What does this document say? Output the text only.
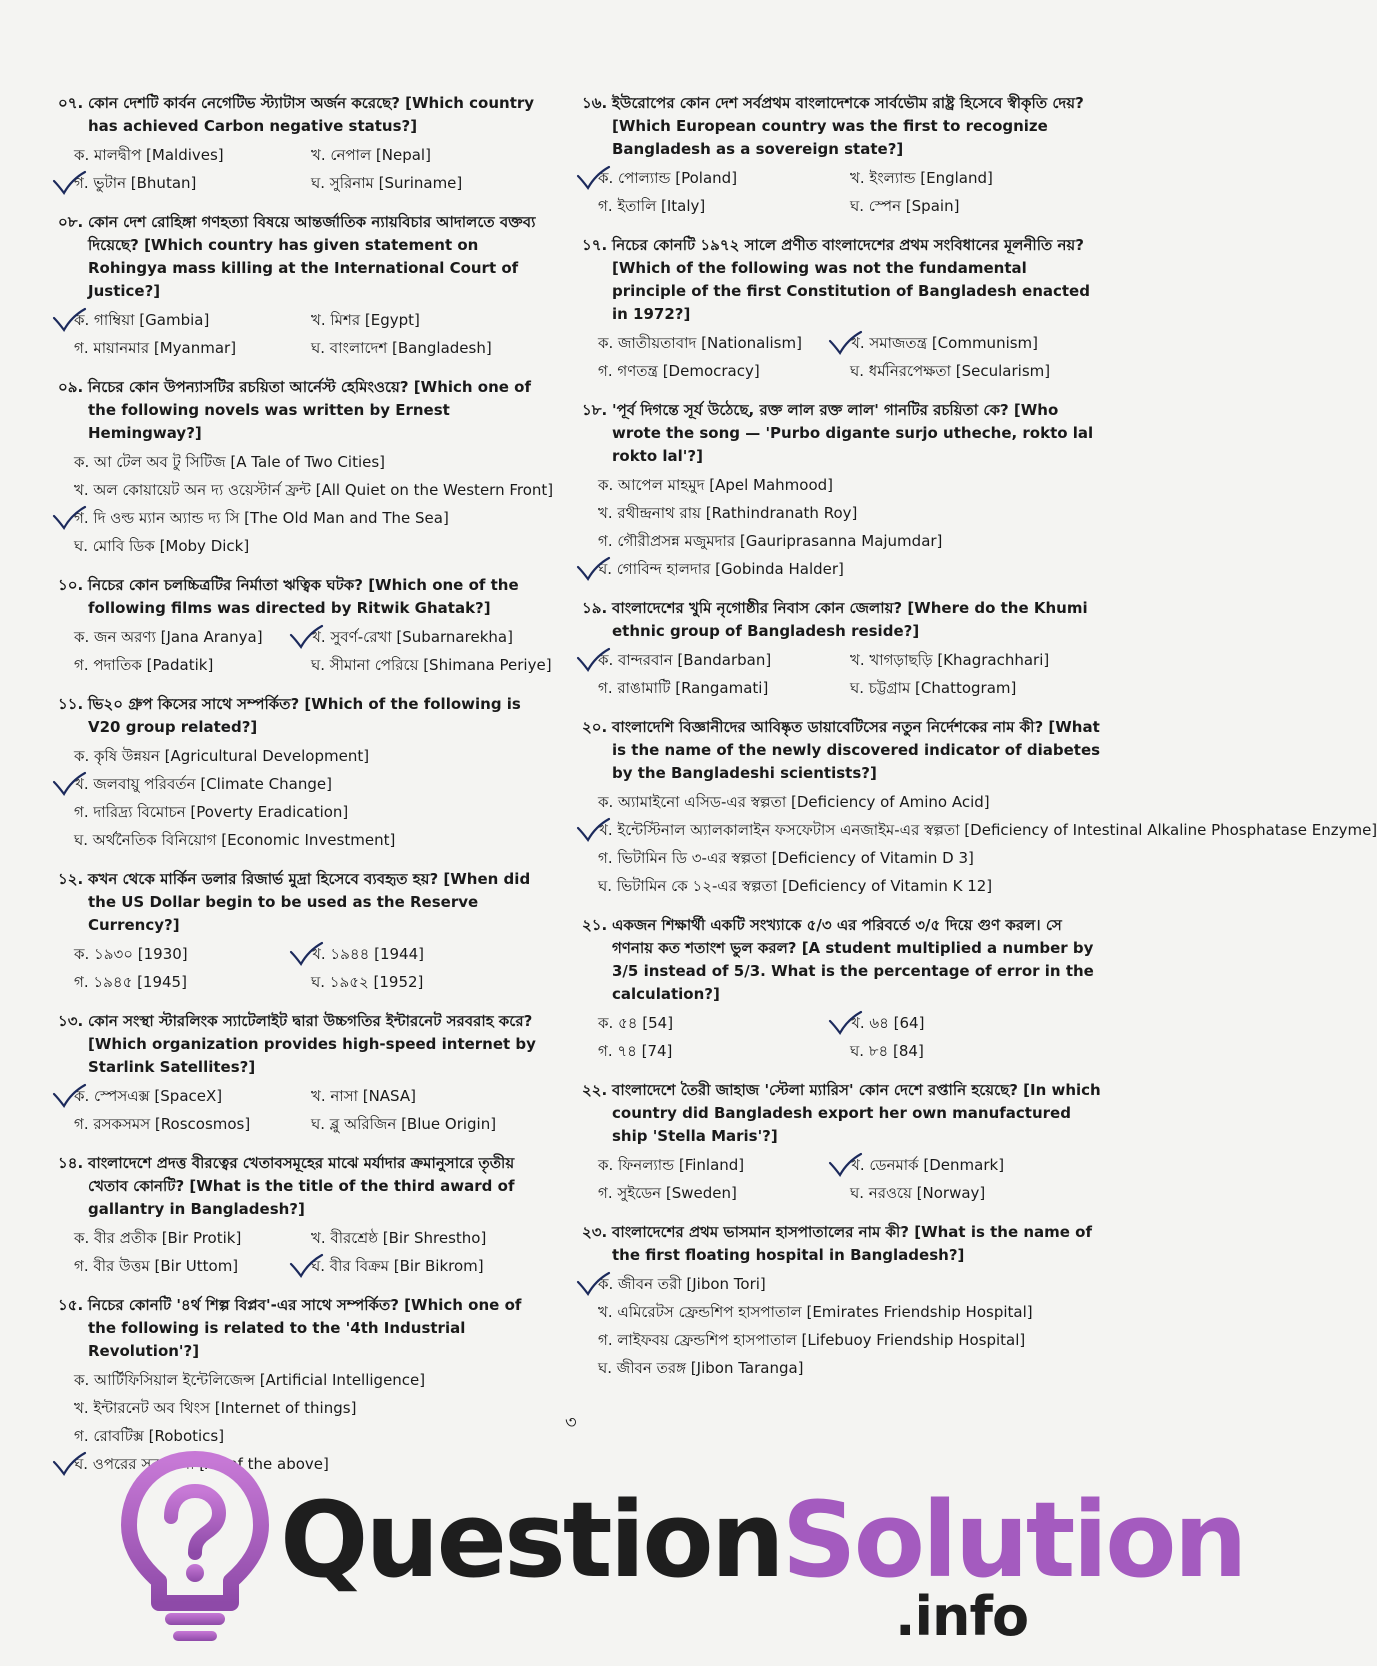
০৭. কোন দেশটি কার্বন নেগেটিভ স্ট্যাটাস অর্জন করেছে? [Which country has achieved Carbon negative status?]
ক. মালদ্বীপ [Maldives]	খ. নেপাল [Nepal]
গ. ভুটান [Bhutan]	ঘ. সুরিনাম [Suriname]
০৮. কোন দেশ রোহিঙ্গা গণহত্যা বিষয়ে আন্তর্জাতিক ন্যায়বিচার আদালতে বক্তব্য দিয়েছে? [Which country has given statement on Rohingya mass killing at the International Court of Justice?]
ক. গাম্বিয়া [Gambia]	খ. মিশর [Egypt]
গ. মায়ানমার [Myanmar]	ঘ. বাংলাদেশ [Bangladesh]
০৯. নিচের কোন উপন্যাসটির রচয়িতা আর্নেস্ট হেমিংওয়ে? [Which one of the following novels was written by Ernest Hemingway?]
ক. আ টেল অব টু সিটিজ [A Tale of Two Cities]
খ. অল কোয়ায়েট অন দ্য ওয়েস্টার্ন ফ্রন্ট [All Quiet on the Western Front]
গ. দি ওল্ড ম্যান অ্যান্ড দ্য সি [The Old Man and The Sea]
ঘ. মোবি ডিক [Moby Dick]
১০. নিচের কোন চলচ্চিত্রটির নির্মাতা ঋত্বিক ঘটক? [Which one of the following films was directed by Ritwik Ghatak?]
ক. জন অরণ্য [Jana Aranya]	খ. সুবর্ণ-রেখা [Subarnarekha]
গ. পদাতিক [Padatik]	ঘ. সীমানা পেরিয়ে [Shimana Periye]
১১. ভি২০ গ্রুপ কিসের সাথে সম্পর্কিত? [Which of the following is V20 group related?]
ক. কৃষি উন্নয়ন [Agricultural Development]
খ. জলবায়ু পরিবর্তন [Climate Change]
গ. দারিদ্র্য বিমোচন [Poverty Eradication]
ঘ. অর্থনৈতিক বিনিয়োগ [Economic Investment]
১২. কখন থেকে মার্কিন ডলার রিজার্ভ মুদ্রা হিসেবে ব্যবহৃত হয়? [When did the US Dollar begin to be used as the Reserve Currency?]
ক. ১৯৩০ [1930]	খ. ১৯৪৪ [1944]
গ. ১৯৪৫ [1945]	ঘ. ১৯৫২ [1952]
১৩. কোন সংস্থা স্টারলিংক স্যাটেলাইট দ্বারা উচ্চগতির ইন্টারনেট সরবরাহ করে? [Which organization provides high-speed internet by Starlink Satellites?]
ক. স্পেসএক্স [SpaceX]	খ. নাসা [NASA]
গ. রসকসমস [Roscosmos]	ঘ. ব্লু অরিজিন [Blue Origin]
১৪. বাংলাদেশে প্রদত্ত বীরত্বের খেতাবসমূহের মাঝে মর্যাদার ক্রমানুসারে তৃতীয় খেতাব কোনটি? [What is the title of the third award of gallantry in Bangladesh?]
ক. বীর প্রতীক [Bir Protik]	খ. বীরশ্রেষ্ঠ [Bir Shrestho]
গ. বীর উত্তম [Bir Uttom]	ঘ. বীর বিক্রম [Bir Bikrom]
১৫. নিচের কোনটি '৪র্থ শিল্প বিপ্লব'-এর সাথে সম্পর্কিত? [Which one of the following is related to the '4th Industrial Revolution'?]
ক. আর্টিফিসিয়াল ইন্টেলিজেন্স [Artificial Intelligence]
খ. ইন্টারনেট অব থিংস [Internet of things]
গ. রোবটিক্স [Robotics]
ঘ. ওপরের সবগুলো [All of the above]
১৬. ইউরোপের কোন দেশ সর্বপ্রথম বাংলাদেশকে সার্বভৌম রাষ্ট্র হিসেবে স্বীকৃতি দেয়? [Which European country was the first to recognize Bangladesh as a sovereign state?]
ক. পোল্যান্ড [Poland]	খ. ইংল্যান্ড [England]
গ. ইতালি [Italy]	ঘ. স্পেন [Spain]
১৭. নিচের কোনটি ১৯৭২ সালে প্রণীত বাংলাদেশের প্রথম সংবিধানের মূলনীতি নয়? [Which of the following was not the fundamental principle of the first Constitution of Bangladesh enacted in 1972?]
ক. জাতীয়তাবাদ [Nationalism]	খ. সমাজতন্ত্র [Communism]
গ. গণতন্ত্র [Democracy]	ঘ. ধর্মনিরপেক্ষতা [Secularism]
১৮. 'পূর্ব দিগন্তে সূর্য উঠেছে, রক্ত লাল রক্ত লাল' গানটির রচয়িতা কে? [Who wrote the song — 'Purbo digante surjo utheche, rokto lal rokto lal'?]
ক. আপেল মাহমুদ [Apel Mahmood]
খ. রথীন্দ্রনাথ রায় [Rathindranath Roy]
গ. গৌরীপ্রসন্ন মজুমদার [Gauriprasanna Majumdar]
ঘ. গোবিন্দ হালদার [Gobinda Halder]
১৯. বাংলাদেশের খুমি নৃগোষ্ঠীর নিবাস কোন জেলায়? [Where do the Khumi ethnic group of Bangladesh reside?]
ক. বান্দরবান [Bandarban]	খ. খাগড়াছড়ি [Khagrachhari]
গ. রাঙামাটি [Rangamati]	ঘ. চট্টগ্রাম [Chattogram]
২০. বাংলাদেশি বিজ্ঞানীদের আবিষ্কৃত ডায়াবেটিসের নতুন নির্দেশকের নাম কী? [What is the name of the newly discovered indicator of diabetes by the Bangladeshi scientists?]
ক. অ্যামাইনো এসিড-এর স্বল্পতা [Deficiency of Amino Acid]
খ. ইন্টেস্টিনাল অ্যালকালাইন ফসফেটাস এনজাইম-এর স্বল্পতা [Deficiency of Intestinal Alkaline Phosphatase Enzyme]
গ. ভিটামিন ডি ৩-এর স্বল্পতা [Deficiency of Vitamin D 3]
ঘ. ভিটামিন কে ১২-এর স্বল্পতা [Deficiency of Vitamin K 12]
২১. একজন শিক্ষার্থী একটি সংখ্যাকে ৫/৩ এর পরিবর্তে ৩/৫ দিয়ে গুণ করল। সে গণনায় কত শতাংশ ভুল করল? [A student multiplied a number by 3/5 instead of 5/3. What is the percentage of error in the calculation?]
ক. ৫৪ [54]	খ. ৬৪ [64]
গ. ৭৪ [74]	ঘ. ৮৪ [84]
২২. বাংলাদেশে তৈরী জাহাজ 'স্টেলা ম্যারিস' কোন দেশে রপ্তানি হয়েছে? [In which country did Bangladesh export her own manufactured ship 'Stella Maris'?]
ক. ফিনল্যান্ড [Finland]	খ. ডেনমার্ক [Denmark]
গ. সুইডেন [Sweden]	ঘ. নরওয়ে [Norway]
২৩. বাংলাদেশের প্রথম ভাসমান হাসপাতালের নাম কী? [What is the name of the first floating hospital in Bangladesh?]
ক. জীবন তরী [Jibon Tori]
খ. এমিরেটস ফ্রেন্ডশিপ হাসপাতাল [Emirates Friendship Hospital]
গ. লাইফবয় ফ্রেন্ডশিপ হাসপাতাল [Lifebuoy Friendship Hospital]
ঘ. জীবন তরঙ্গ [Jibon Taranga]
৩
QuestionSolution
.info
